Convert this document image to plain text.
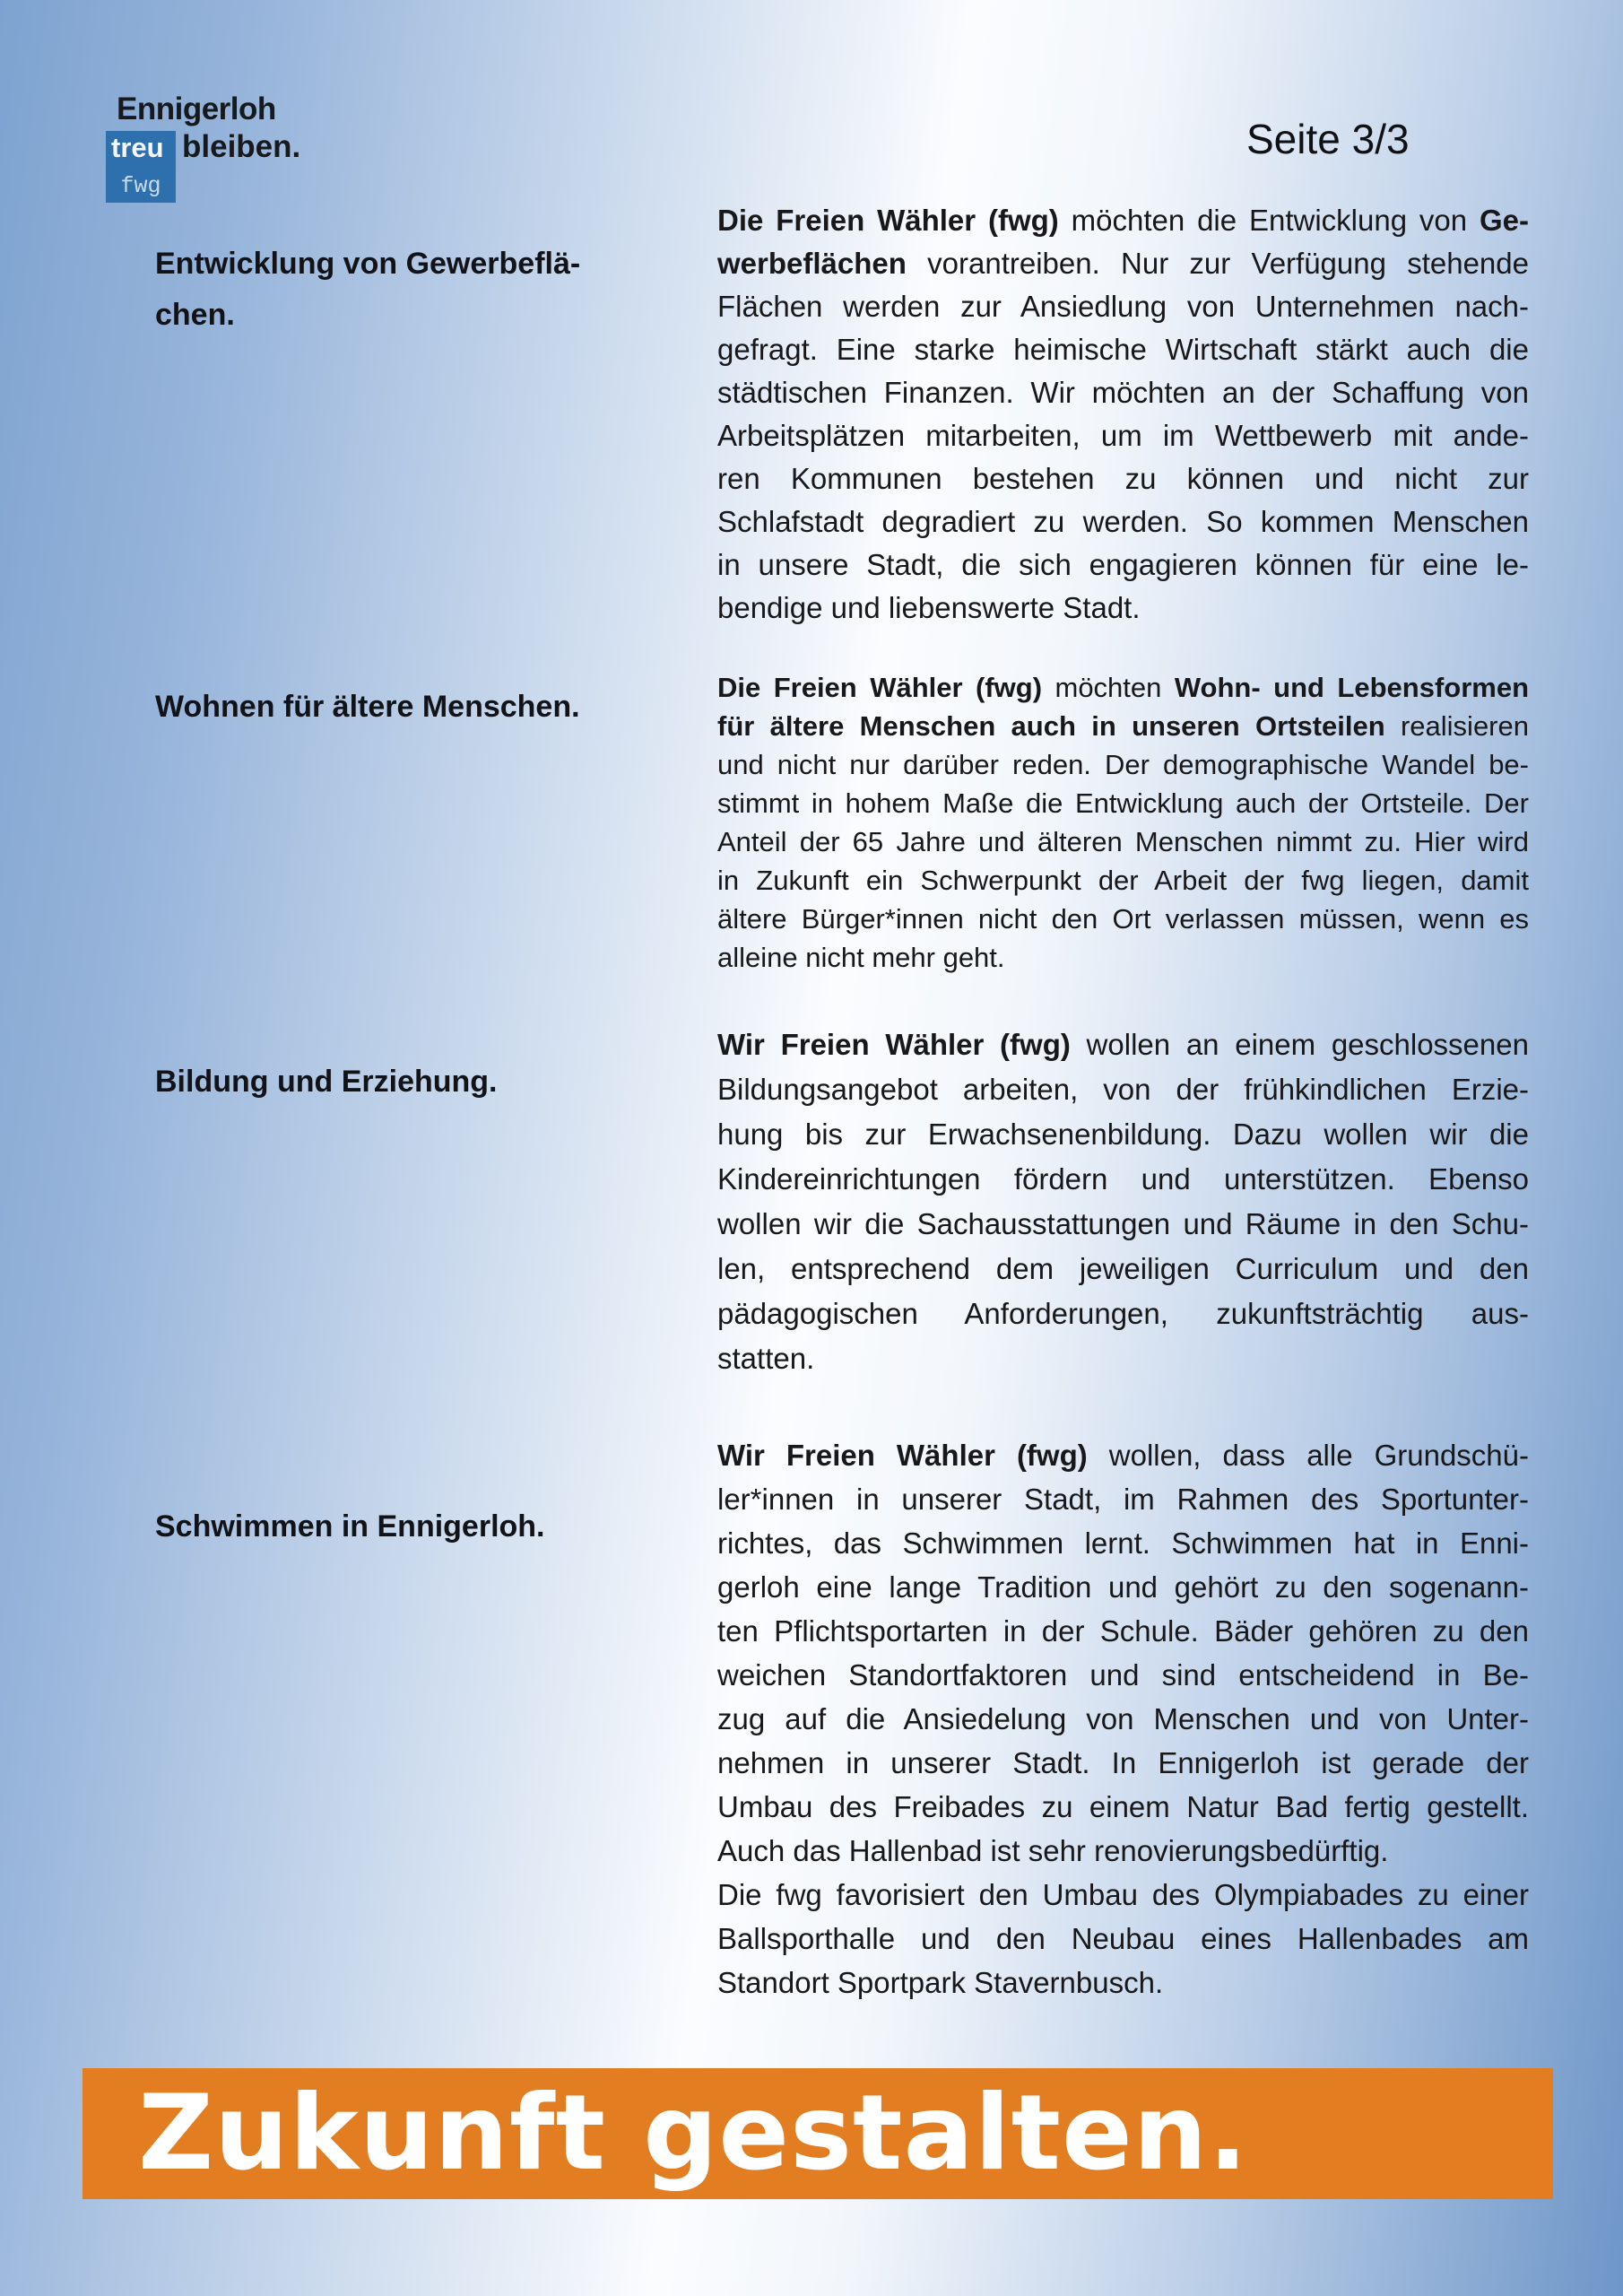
Ennigerloh
treu
fwg
bleiben.	Seite 3/3
Entwicklung von Gewerbeflä-
chen.
Die Freien Wähler (fwg) möchten die Entwicklung von Ge-
werbeflächen vorantreiben. Nur zur Verfügung stehende
Flächen werden zur Ansiedlung von Unternehmen nach-
gefragt. Eine starke heimische Wirtschaft stärkt auch die
städtischen Finanzen. Wir möchten an der Schaffung von
Arbeitsplätzen mitarbeiten, um im Wettbewerb mit ande-
ren Kommunen bestehen zu können und nicht zur
Schlafstadt degradiert zu werden. So kommen Menschen
in unsere Stadt, die sich engagieren können für eine le-
bendige und liebenswerte Stadt.
Wohnen für ältere Menschen.
Die Freien Wähler (fwg) möchten Wohn- und Lebensformen
für ältere Menschen auch in unseren Ortsteilen realisieren
und nicht nur darüber reden. Der demographische Wandel be-
stimmt in hohem Maße die Entwicklung auch der Ortsteile. Der
Anteil der 65 Jahre und älteren Menschen nimmt zu. Hier wird
in Zukunft ein Schwerpunkt der Arbeit der fwg liegen, damit
ältere Bürger*innen nicht den Ort verlassen müssen, wenn es
alleine nicht mehr geht.
Bildung und Erziehung.
Wir Freien Wähler (fwg) wollen an einem geschlossenen
Bildungsangebot arbeiten, von der frühkindlichen Erzie-
hung bis zur Erwachsenenbildung. Dazu wollen wir die
Kindereinrichtungen fördern und unterstützen. Ebenso
wollen wir die Sachausstattungen und Räume in den Schu-
len, entsprechend dem jeweiligen Curriculum und den
pädagogischen Anforderungen, zukunftsträchtig aus-
statten.
Schwimmen in Ennigerloh.
Wir Freien Wähler (fwg) wollen, dass alle Grundschü-
ler*innen in unserer Stadt, im Rahmen des Sportunter-
richtes, das Schwimmen lernt. Schwimmen hat in Enni-
gerloh eine lange Tradition und gehört zu den sogenann-
ten Pflichtsportarten in der Schule. Bäder gehören zu den
weichen Standortfaktoren und sind entscheidend in Be-
zug auf die Ansiedelung von Menschen und von Unter-
nehmen in unserer Stadt. In Ennigerloh ist gerade der
Umbau des Freibades zu einem Natur Bad fertig gestellt.
Auch das Hallenbad ist sehr renovierungsbedürftig.
Die fwg favorisiert den Umbau des Olympiabades zu einer
Ballsporthalle und den Neubau eines Hallenbades am
Standort Sportpark Stavernbusch.
Zukunft gestalten.
